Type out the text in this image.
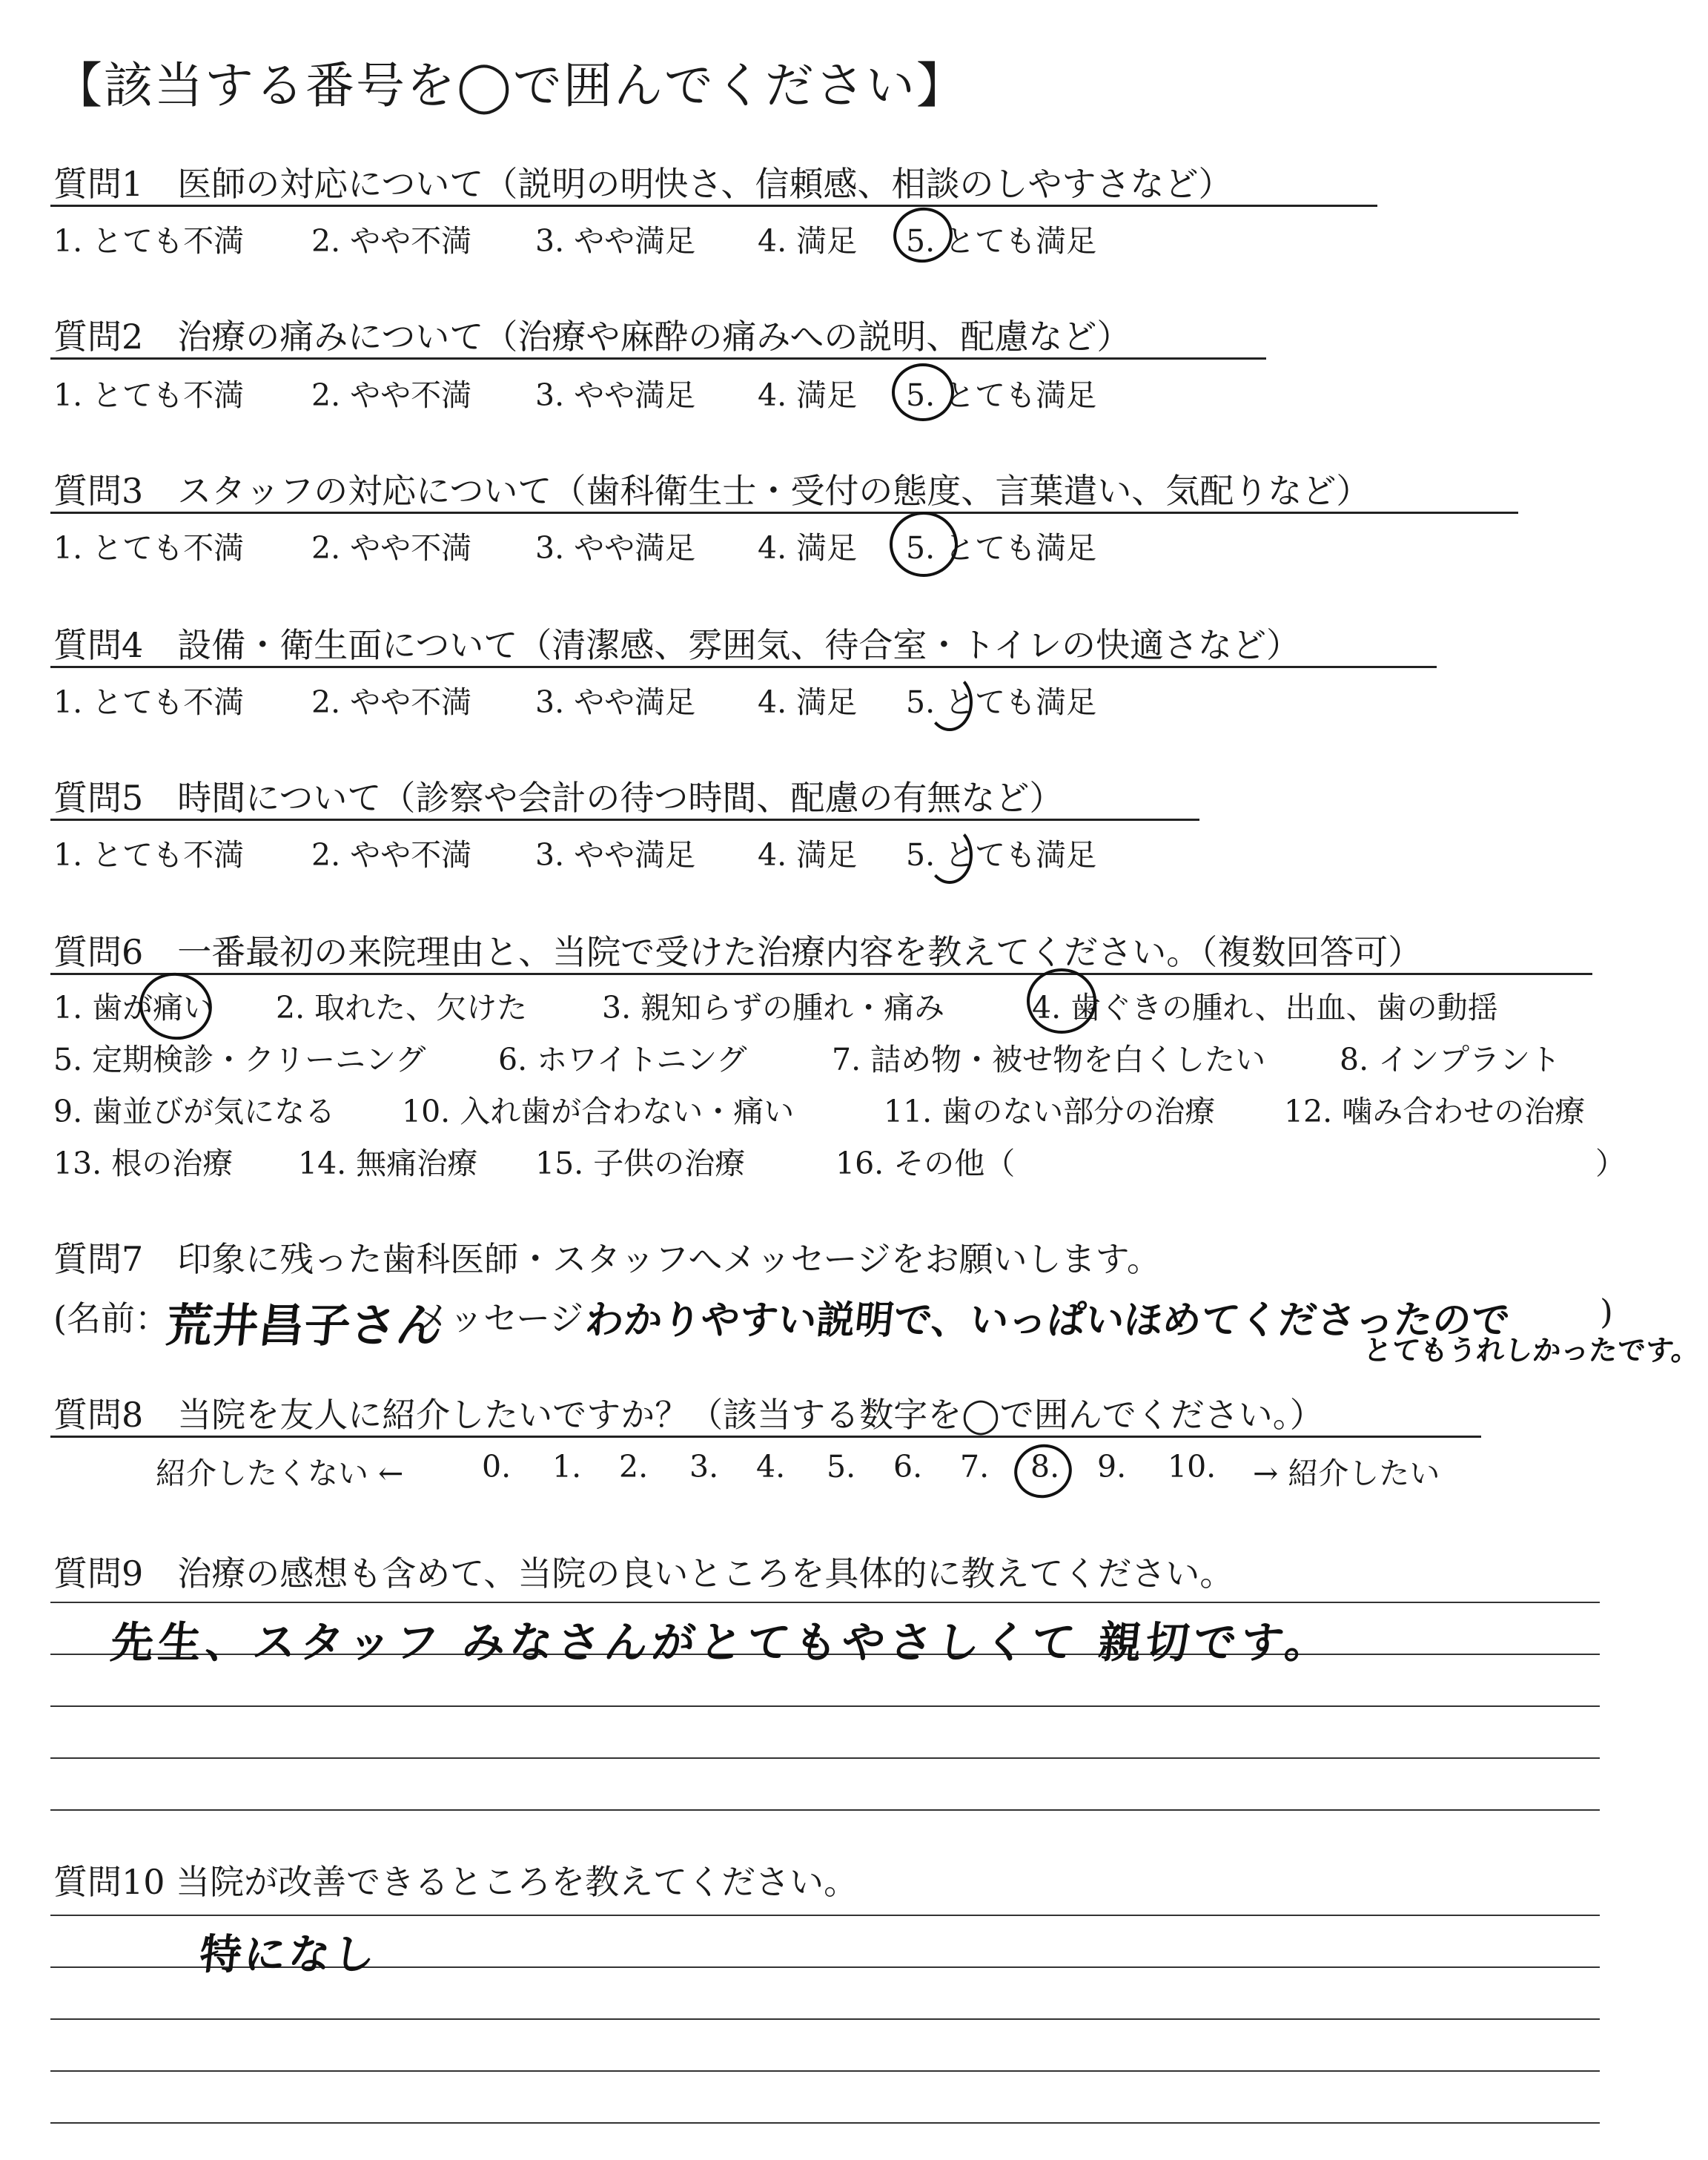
【該当する番号を◯で囲んでください】
質問1　医師の対応について（説明の明快さ、信頼感、相談のしやすさなど）
1. とても不満 2. やや不満 3. やや満足 4. 満足 5. とても満足
質問2　治療の痛みについて（治療や麻酔の痛みへの説明、配慮など）
1. とても不満 2. やや不満 3. やや満足 4. 満足 5. とても満足
質問3　スタッフの対応について（歯科衛生士・受付の態度、言葉遣い、気配りなど）
1. とても不満 2. やや不満 3. やや満足 4. 満足 5. とても満足
質問4　設備・衛生面について（清潔感、雰囲気、待合室・トイレの快適さなど）
1. とても不満 2. やや不満 3. やや満足 4. 満足 5. とても満足
質問5　時間について（診察や会計の待つ時間、配慮の有無など）
1. とても不満 2. やや不満 3. やや満足 4. 満足 5. とても満足
質問6　一番最初の来院理由と、当院で受けた治療内容を教えてください。（複数回答可）
1. 歯が痛い 2. 取れた、欠けた 3. 親知らずの腫れ・痛み	4. 歯ぐきの腫れ、出血、歯の動揺
5. 定期検診・クリーニング 6. ホワイトニング	7. 詰め物・被せ物を白くしたい 8. インプラント
9. 歯並びが気になる 10. 入れ歯が合わない・痛い	11. 歯のない部分の治療 12. 噛み合わせの治療
13. 根の治療 14. 無痛治療 15. 子供の治療	16. その他（	）
質問7　印象に残った歯科医師・スタッフへメッセージをお願いします。
(名前：
荒井昌子さん
メッセージ：
わかりやすい説明で、いっぱいほめてくださったので
とてもうれしかったです。
)
質問8　当院を友人に紹介したいですか？（該当する数字を◯で囲んでください。）
紹介したくない ←	0. 1. 2. 3. 4. 5. 6. 7. 8. 9. 10. → 紹介したい
質問9　治療の感想も含めて、当院の良いところを具体的に教えてください。
先生、スタッフ みなさんがとてもやさしくて 親切です。
質問10 当院が改善できるところを教えてください。
特になし
